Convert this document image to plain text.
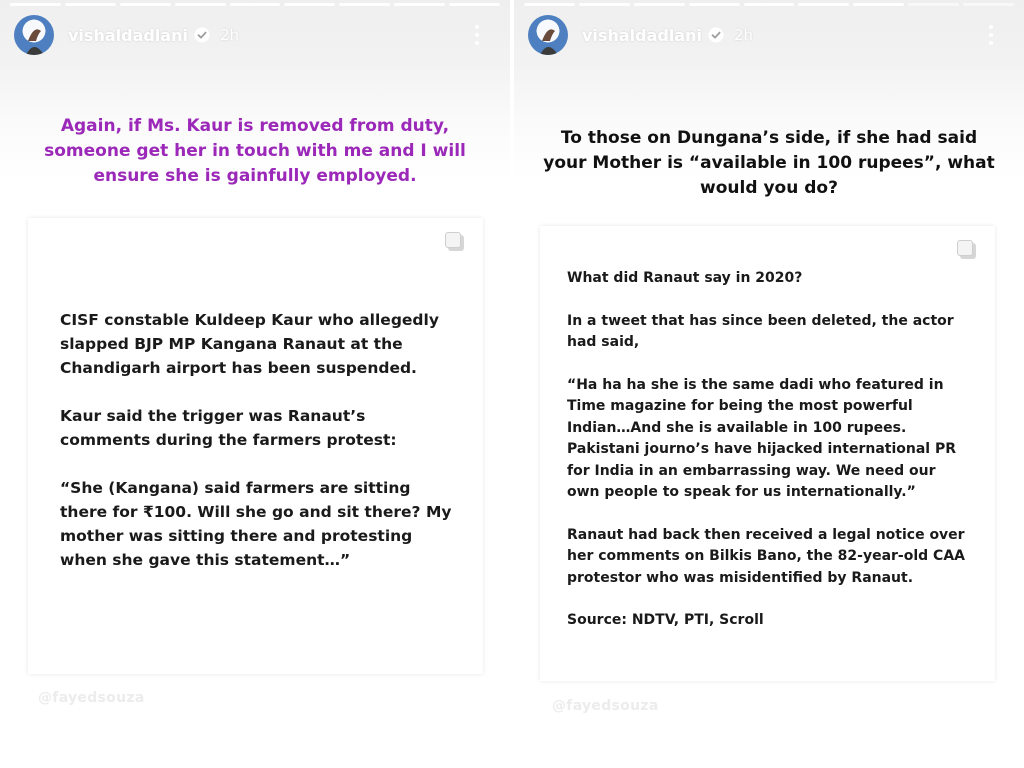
vishaldadlani 2h
Again, if Ms. Kaur is removed from duty, someone get her in touch with me and I will ensure she is gainfully employed.

CISF constable Kuldeep Kaur who allegedly slapped BJP MP Kangana Ranaut at the Chandigarh airport has been suspended.

Kaur said the trigger was Ranaut’s comments during the farmers protest:

“She (Kangana) said farmers are sitting there for ₹100. Will she go and sit there? My mother was sitting there and protesting when she gave this statement…”

@fayedsouza
vishaldadlani 2h
To those on Dungana’s side, if she had said your Mother is “available in 100 rupees”, what would you do?

What did Ranaut say in 2020?

In a tweet that has since been deleted, the actor had said,

“Ha ha ha she is the same dadi who featured in Time magazine for being the most powerful Indian…And she is available in 100 rupees. Pakistani journo’s have hijacked international PR for India in an embarrassing way. We need our own people to speak for us internationally.”

Ranaut had back then received a legal notice over her comments on Bilkis Bano, the 82-year-old CAA protestor who was misidentified by Ranaut.

Source: NDTV, PTI, Scroll

@fayedsouza
